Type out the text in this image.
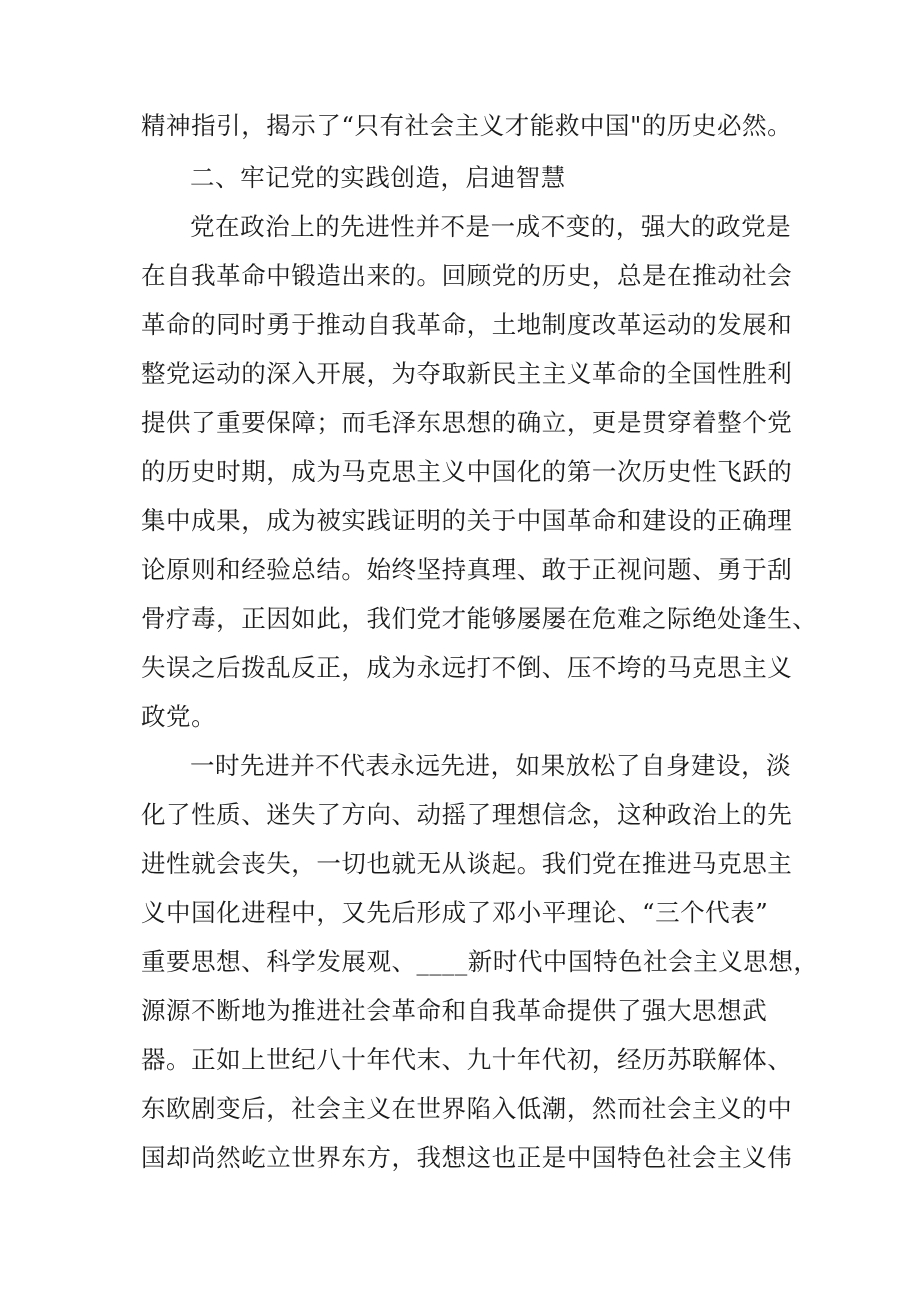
精神指引，揭示了“只有社会主义才能救中国"的历史必然。
二、牢记党的实践创造，启迪智慧
党在政治上的先进性并不是一成不变的，强大的政党是
在自我革命中锻造出来的。回顾党的历史，总是在推动社会
革命的同时勇于推动自我革命，土地制度改革运动的发展和
整党运动的深入开展，为夺取新民主主义革命的全国性胜利
提供了重要保障；而毛泽东思想的确立，更是贯穿着整个党
的历史时期，成为马克思主义中国化的第一次历史性飞跃的
集中成果，成为被实践证明的关于中国革命和建设的正确理
论原则和经验总结。始终坚持真理、敢于正视问题、勇于刮
骨疗毒，正因如此，我们党才能够屡屡在危难之际绝处逢生、
失误之后拨乱反正，成为永远打不倒、压不垮的马克思主义
政党。
一时先进并不代表永远先进，如果放松了自身建设，淡
化了性质、迷失了方向、动摇了理想信念，这种政治上的先
进性就会丧失，一切也就无从谈起。我们党在推进马克思主
义中国化进程中，又先后形成了邓小平理论、“三个代表”
重要思想、科学发展观、____新时代中国特色社会主义思想，
源源不断地为推进社会革命和自我革命提供了强大思想武
器。正如上世纪八十年代末、九十年代初，经历苏联解体、
东欧剧变后，社会主义在世界陷入低潮，然而社会主义的中
国却尚然屹立世界东方，我想这也正是中国特色社会主义伟
